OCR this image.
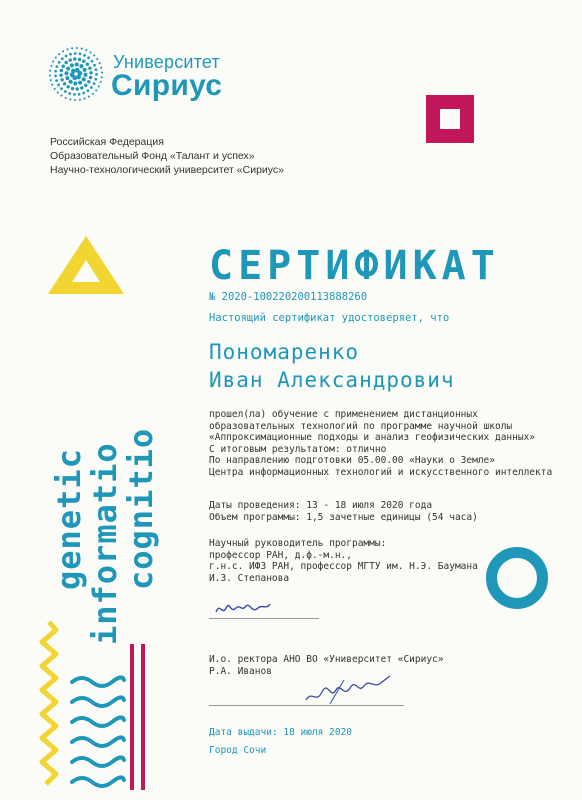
Университет
Сириус
Российская Федерация
Образовательный Фонд «Талант и успех»
Научно-технологический университет «Сириус»
СЕРТИФИКАТ
№ 2020-100220200113888260
Настоящий сертификат удостоверяет, что
Пономаренко
Иван Александрович
прошел(ла) обучение с применением дистанционных
образовательных технологий по программе научной школы
«Аппроксимационные подходы и анализ геофизических данных»
С итоговым результатом: отлично
По направлению подготовки 05.00.00 «Науки о Земле»
Центра информационных технологий и искусственного интеллекта
Даты проведения: 13 - 18 июля 2020 года
Объем программы: 1,5 зачетные единицы (54 часа)
Научный руководитель программы:
профессор РАН, д.ф.-м.н.,
г.н.с. ИФЗ РАН, профессор МГТУ им. Н.Э. Баумана
И.З. Степанова
И.о. ректора АНО ВО «Университет «Сириус»
Р.А. Иванов
Дата выдачи: 18 июля 2020
Город Сочи
genetic
informatio
cognitio
